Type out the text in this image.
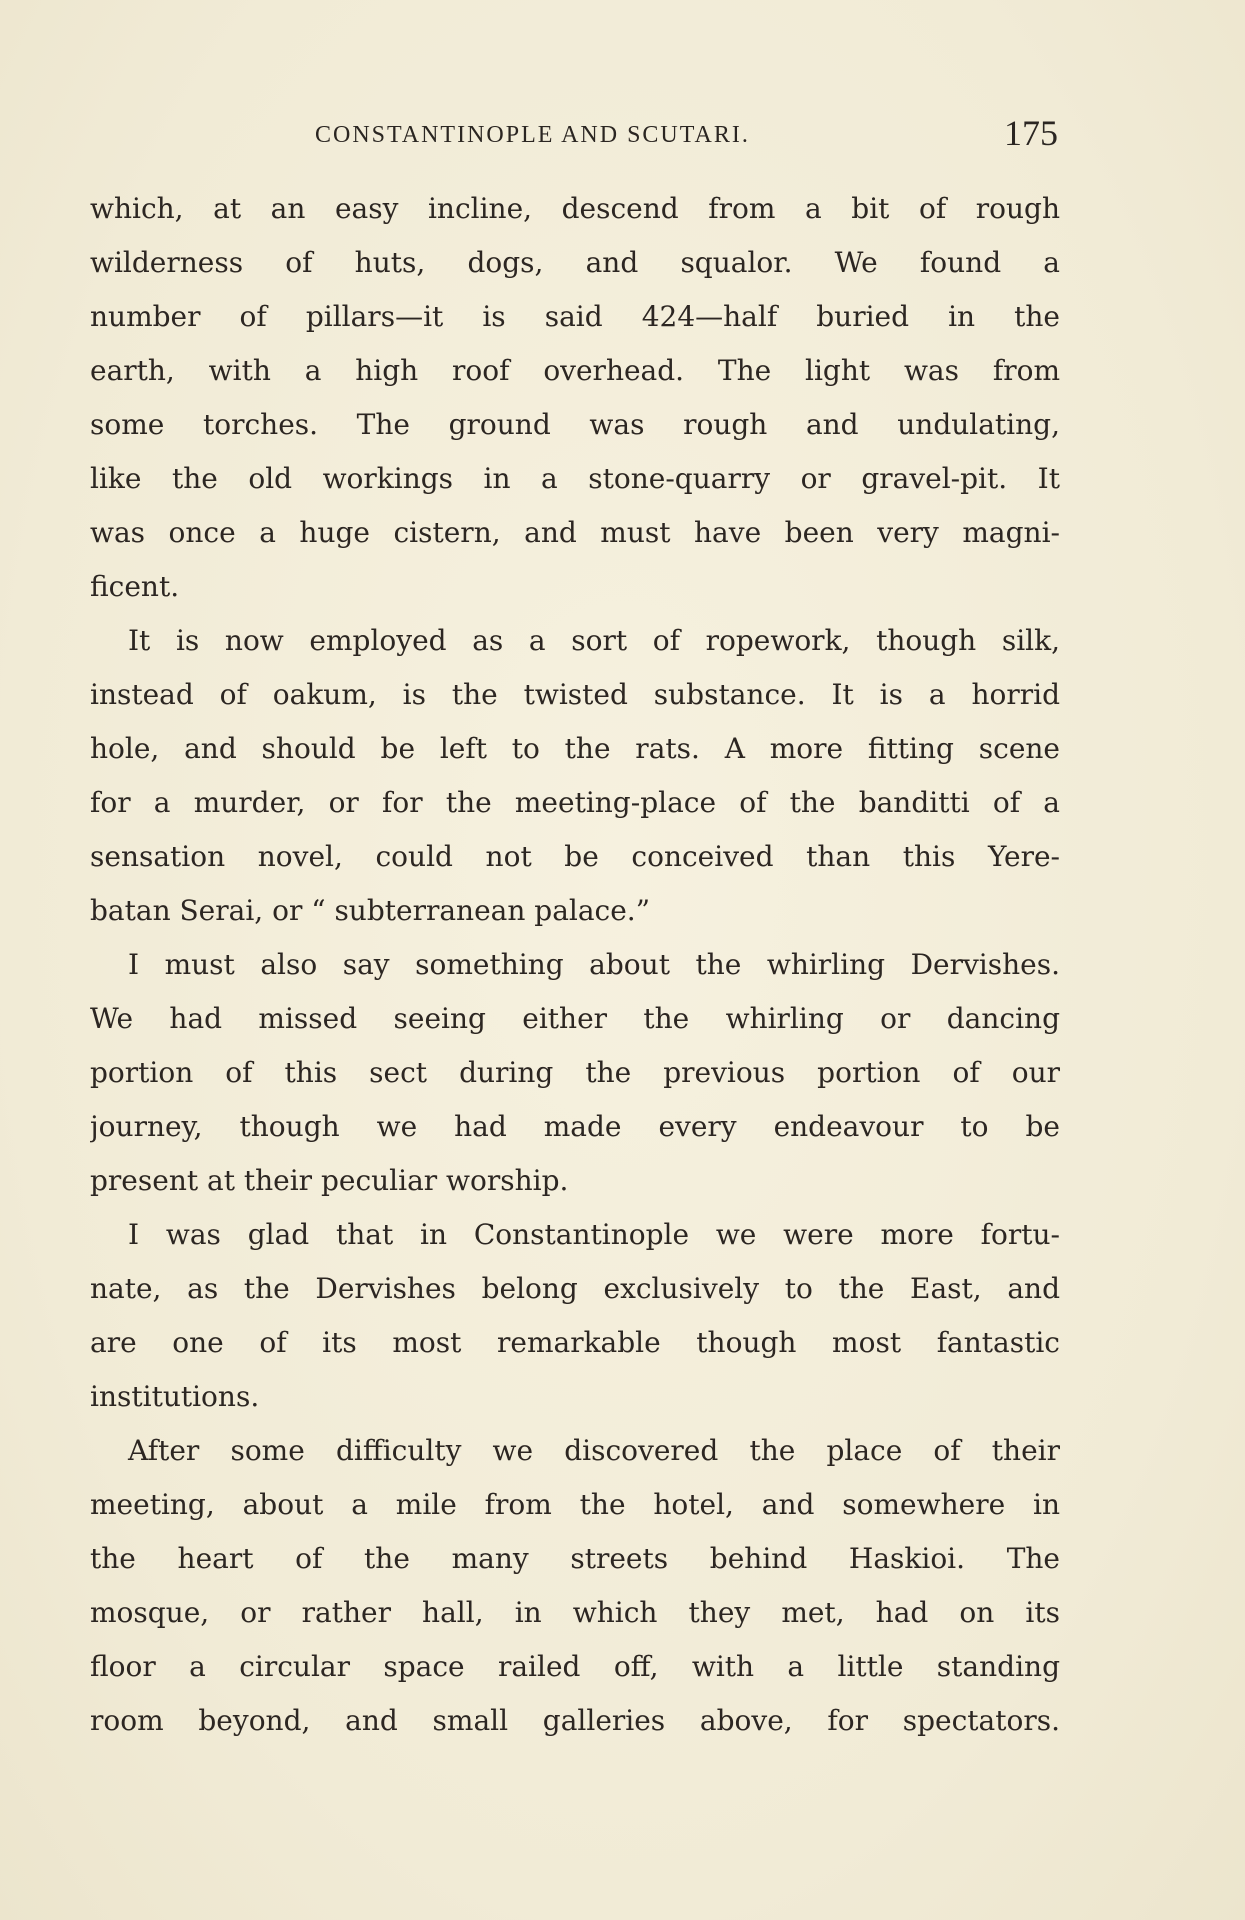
CONSTANTINOPLE AND SCUTARI.	175
which, at an easy incline, descend from a bit of rough
wilderness of huts, dogs, and squalor. We found a
number of pillars—it is said 424—half buried in the
earth, with a high roof overhead. The light was from
some torches. The ground was rough and undulating,
like the old workings in a stone-quarry or gravel-pit. It
was once a huge cistern, and must have been very magni-
ficent.
It is now employed as a sort of ropework, though silk,
instead of oakum, is the twisted substance. It is a horrid
hole, and should be left to the rats. A more fitting scene
for a murder, or for the meeting-place of the banditti of a
sensation novel, could not be conceived than this Yere-
batan Serai, or “ subterranean palace.”
I must also say something about the whirling Dervishes.
We had missed seeing either the whirling or dancing
portion of this sect during the previous portion of our
journey, though we had made every endeavour to be
present at their peculiar worship.
I was glad that in Constantinople we were more fortu-
nate, as the Dervishes belong exclusively to the East, and
are one of its most remarkable though most fantastic
institutions.
After some difficulty we discovered the place of their
meeting, about a mile from the hotel, and somewhere in
the heart of the many streets behind Haskioi. The
mosque, or rather hall, in which they met, had on its
floor a circular space railed off, with a little standing
room beyond, and small galleries above, for spectators.
